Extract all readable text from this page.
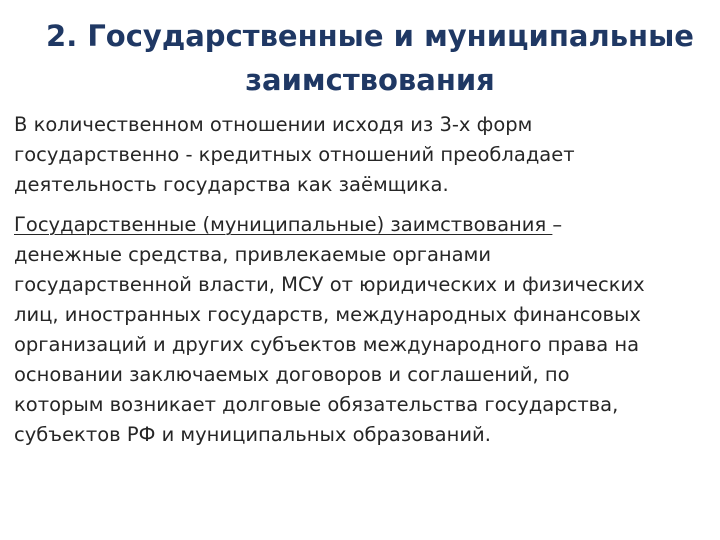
2. Государственные и муниципальные
заимствования
В количественном отношении исходя из 3-х форм
государственно - кредитных отношений преобладает
деятельность государства как заёмщика.
Государственные (муниципальные) заимствования –
денежные средства, привлекаемые органами
государственной власти, МСУ от юридических и физических
лиц, иностранных государств, международных финансовых
организаций и других субъектов международного права на
основании заключаемых договоров и соглашений, по
которым возникает долговые обязательства государства,
субъектов РФ и муниципальных образований.
